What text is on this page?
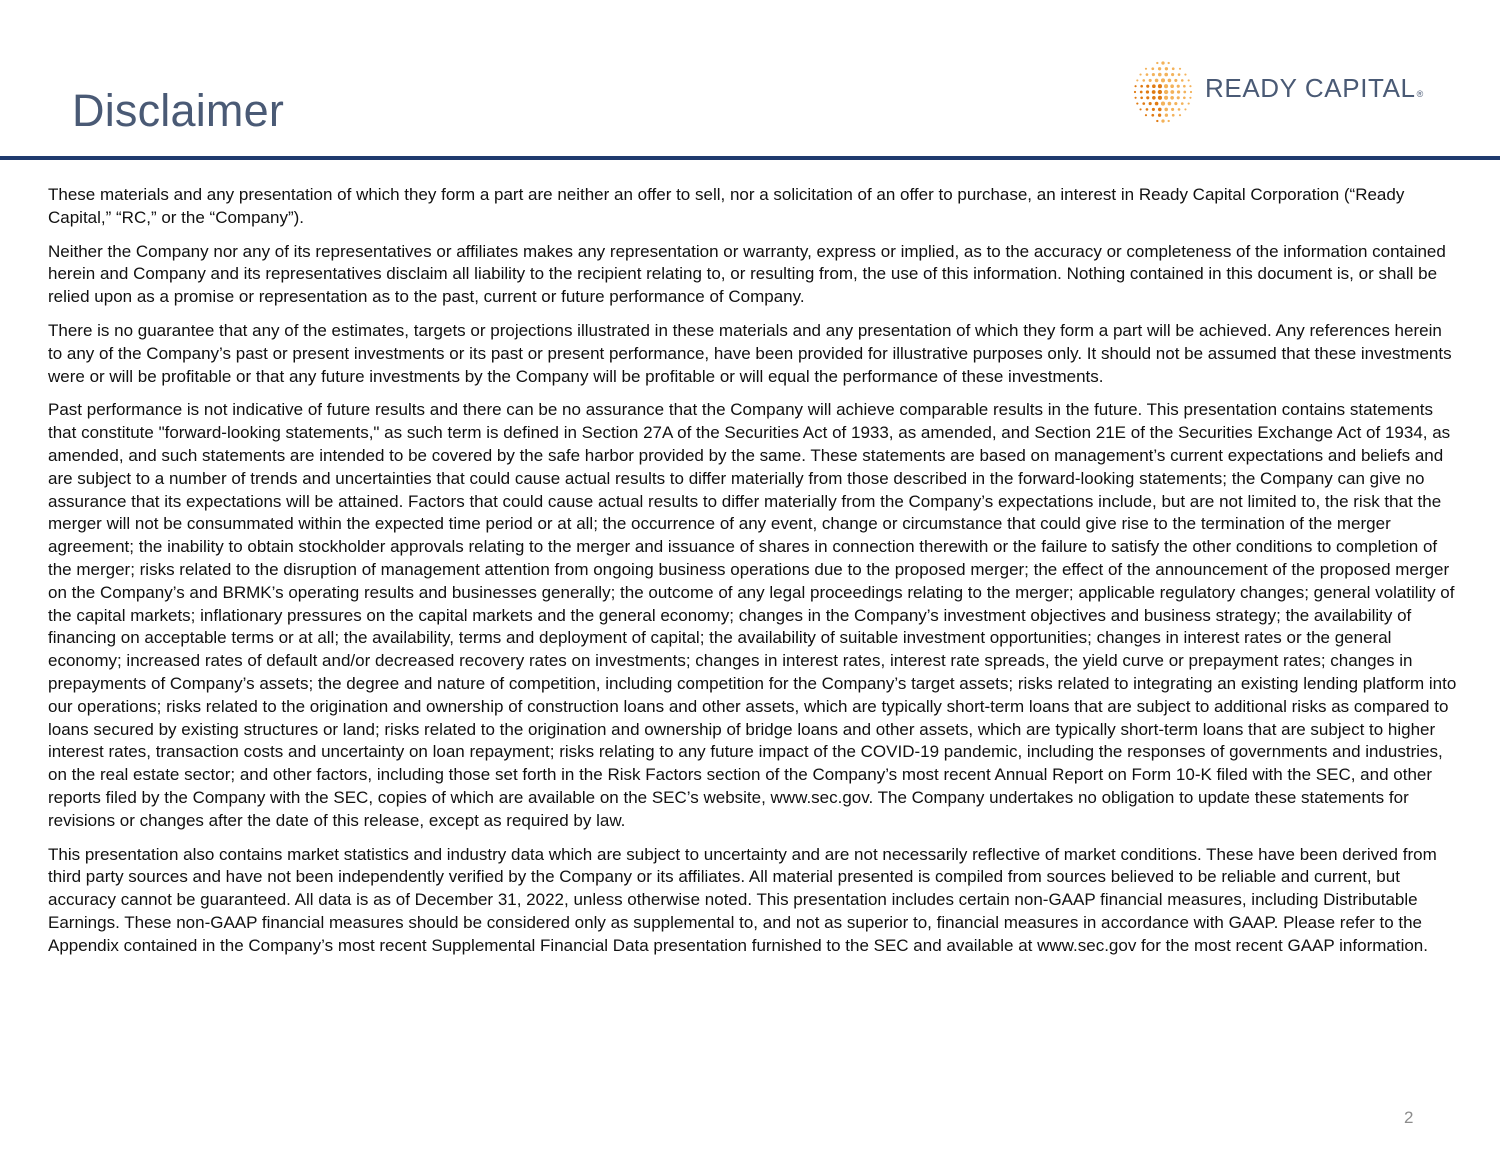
Disclaimer	READY CAPITAL®

These materials and any presentation of which they form a part are neither an offer to sell, nor a solicitation of an offer to purchase, an interest in Ready Capital Corporation (“Ready Capital,” “RC,” or the “Company”).

Neither the Company nor any of its representatives or affiliates makes any representation or warranty, express or implied, as to the accuracy or completeness of the information contained herein and Company and its representatives disclaim all liability to the recipient relating to, or resulting from, the use of this information. Nothing contained in this document is, or shall be relied upon as a promise or representation as to the past, current or future performance of Company.

There is no guarantee that any of the estimates, targets or projections illustrated in these materials and any presentation of which they form a part will be achieved. Any references herein to any of the Company’s past or present investments or its past or present performance, have been provided for illustrative purposes only. It should not be assumed that these investments were or will be profitable or that any future investments by the Company will be profitable or will equal the performance of these investments.

Past performance is not indicative of future results and there can be no assurance that the Company will achieve comparable results in the future. This presentation contains statements that constitute "forward-looking statements," as such term is defined in Section 27A of the Securities Act of 1933, as amended, and Section 21E of the Securities Exchange Act of 1934, as amended, and such statements are intended to be covered by the safe harbor provided by the same. These statements are based on management’s current expectations and beliefs and are subject to a number of trends and uncertainties that could cause actual results to differ materially from those described in the forward-looking statements; the Company can give no assurance that its expectations will be attained. Factors that could cause actual results to differ materially from the Company’s expectations include, but are not limited to, the risk that the merger will not be consummated within the expected time period or at all; the occurrence of any event, change or circumstance that could give rise to the termination of the merger agreement; the inability to obtain stockholder approvals relating to the merger and issuance of shares in connection therewith or the failure to satisfy the other conditions to completion of the merger; risks related to the disruption of management attention from ongoing business operations due to the proposed merger; the effect of the announcement of the proposed merger on the Company’s and BRMK’s operating results and businesses generally; the outcome of any legal proceedings relating to the merger; applicable regulatory changes; general volatility of the capital markets; inflationary pressures on the capital markets and the general economy; changes in the Company’s investment objectives and business strategy; the availability of financing on acceptable terms or at all; the availability, terms and deployment of capital; the availability of suitable investment opportunities; changes in interest rates or the general economy; increased rates of default and/or decreased recovery rates on investments; changes in interest rates, interest rate spreads, the yield curve or prepayment rates; changes in prepayments of Company’s assets; the degree and nature of competition, including competition for the Company’s target assets; risks related to integrating an existing lending platform into our operations; risks related to the origination and ownership of construction loans and other assets, which are typically short-term loans that are subject to additional risks as compared to loans secured by existing structures or land; risks related to the origination and ownership of bridge loans and other assets, which are typically short-term loans that are subject to higher interest rates, transaction costs and uncertainty on loan repayment; risks relating to any future impact of the COVID-19 pandemic, including the responses of governments and industries, on the real estate sector; and other factors, including those set forth in the Risk Factors section of the Company’s most recent Annual Report on Form 10-K filed with the SEC, and other reports filed by the Company with the SEC, copies of which are available on the SEC’s website, www.sec.gov. The Company undertakes no obligation to update these statements for revisions or changes after the date of this release, except as required by law.

This presentation also contains market statistics and industry data which are subject to uncertainty and are not necessarily reflective of market conditions. These have been derived from third party sources and have not been independently verified by the Company or its affiliates. All material presented is compiled from sources believed to be reliable and current, but accuracy cannot be guaranteed. All data is as of December 31, 2022, unless otherwise noted. This presentation includes certain non-GAAP financial measures, including Distributable Earnings. These non-GAAP financial measures should be considered only as supplemental to, and not as superior to, financial measures in accordance with GAAP. Please refer to the Appendix contained in the Company’s most recent Supplemental Financial Data presentation furnished to the SEC and available at www.sec.gov for the most recent GAAP information.

2
